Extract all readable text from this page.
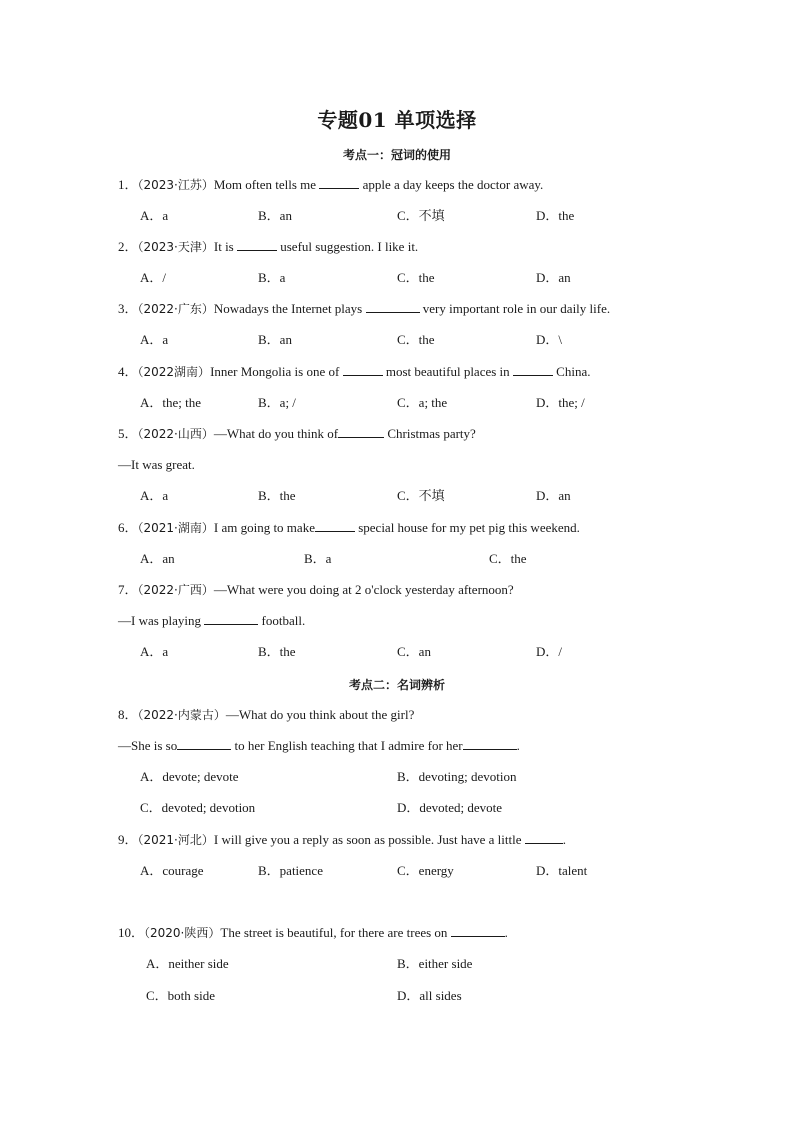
专题01 单项选择
考点一：冠词的使用
1．（2023·江苏）Mom often tells me	apple a day keeps the doctor away.
A．a	B．an	C．不填	D．the
2．（2023·天津）It is	useful suggestion. I like it.
A．/	B．a	C．the	D．an
3．（2022·广东）Nowadays the Internet plays	very important role in our daily life.
A．a	B．an	C．the	D．\
4．（2022湖南）Inner Mongolia is one of	most beautiful places in	China.
A．the; the	B．a; /	C．a; the	D．the; /
5．（2022·山西）—What do you think of	Christmas party?
—It was great.
A．a	B．the	C．不填	D．an
6．（2021·湖南）I am going to make	special house for my pet pig this weekend.
A．an	B．a	C．the
7．（2022·广西）—What were you doing at 2 o'clock yesterday afternoon?
—I was playing	football.
A．a	B．the	C．an	D．/
考点二：名词辨析
8．（2022·内蒙古）—What do you think about the girl?
—She is so	to her English teaching that I admire for her	.
A．devote; devote	B．devoting; devotion
C．devoted; devotion	D．devoted; devote
9．（2021·河北）I will give you a reply as soon as possible. Just have a little	.
A．courage	B．patience	C．energy	D．talent
10．（2020·陕西）The street is beautiful, for there are trees on	.
A．neither side	B．either side
C．both side	D．all sides
